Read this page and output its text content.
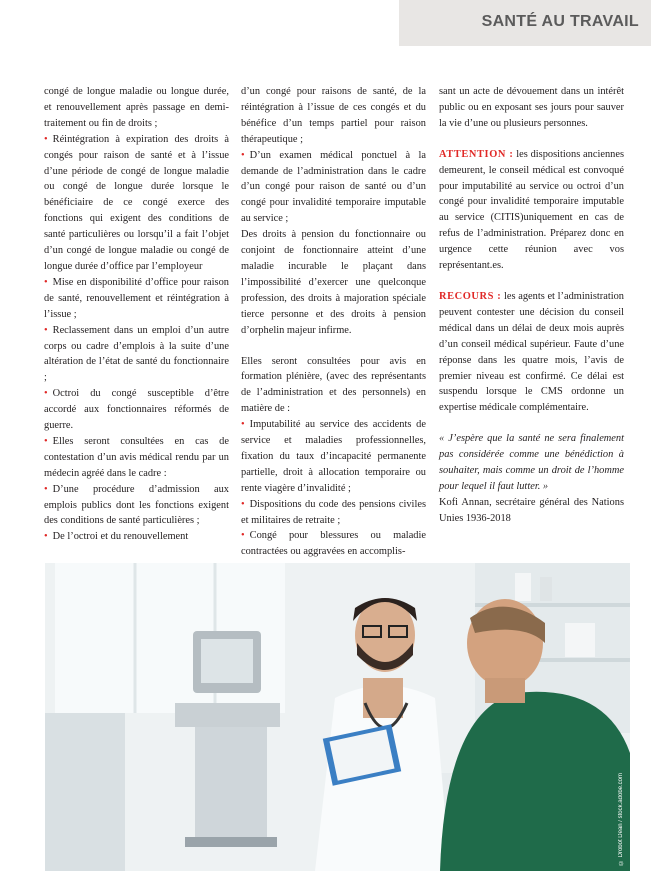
SANTÉ AU TRAVAIL

congé de longue maladie ou longue durée, et renouvellement après passage en demi-traitement ou fin de droits ;

• Réintégration à expiration des droits à congés pour raison de santé et à l’issue d’une période de congé de longue maladie ou congé de longue durée lorsque le bénéficiaire de ce congé exerce des fonctions qui exigent des conditions de santé particulières ou lorsqu’il a fait l’objet d’un congé de longue maladie ou congé de longue durée d’office par l’employeur

• Mise en disponibilité d’office pour raison de santé, renouvellement et réintégration à l’issue ;

• Reclassement dans un emploi d’un autre corps ou cadre d’emplois à la suite d’une altération de l’état de santé du fonctionnaire ;

• Octroi du congé susceptible d’être accordé aux fonctionnaires réformés de guerre.

• Elles seront consultées en cas de contestation d’un avis médical rendu par un médecin agréé dans le cadre :

• D’une procédure d’admission aux emplois publics dont les fonctions exigent des conditions de santé particulières ;

• De l’octroi et du renouvellement

d’un congé pour raisons de santé, de la réintégration à l’issue de ces congés et du bénéfice d’un temps partiel pour raison thérapeutique ;

• D’un examen médical ponctuel à la demande de l’administration dans le cadre d’un congé pour raison de santé ou d’un congé pour invalidité temporaire imputable au service ;

Des droits à pension du fonctionnaire ou conjoint de fonctionnaire atteint d’une maladie incurable le plaçant dans l’impossibilité d’exercer une quelconque profession, des droits à majoration spéciale tierce personne et des droits à pension d’orphelin majeur infirme.

Elles seront consultées pour avis en formation plénière, (avec des représentants de l’administration et des personnels) en matière de :

• Imputabilité au service des accidents de service et maladies professionnelles, fixation du taux d’incapacité permanente partielle, droit à allocation temporaire ou rente viagère d’invalidité ;

• Dispositions du code des pensions civiles et militaires de retraite ;

• Congé pour blessures ou maladie contractées ou aggravées en accomplis-

sant un acte de dévouement dans un intérêt public ou en exposant ses jours pour sauver la vie d’une ou plusieurs personnes.

ATTENTION : les dispositions anciennes demeurent, le conseil médical est convoqué pour imputabilité au service ou octroi d’un congé pour invalidité temporaire imputable au service (CITIS)uniquement en cas de refus de l’administration. Préparez donc en urgence cette réunion avec vos représentant.es.

RECOURS : les agents et l’administration peuvent contester une décision du conseil médical dans un délai de deux mois auprès d’un conseil médical supérieur. Faute d’une réponse dans les quatre mois, l’avis de premier niveau est confirmé. Ce délai est suspendu lorsque le CMS ordonne un expertise médicale complémentaire.

« J’espère que la santé ne sera finalement pas considérée comme une bénédiction à souhaiter, mais comme un droit de l’homme pour lequel il faut lutter. »

Kofi Annan, secrétaire général des Nations Unies 1936-2018

© Drobot Dean / stock.adobe.com
